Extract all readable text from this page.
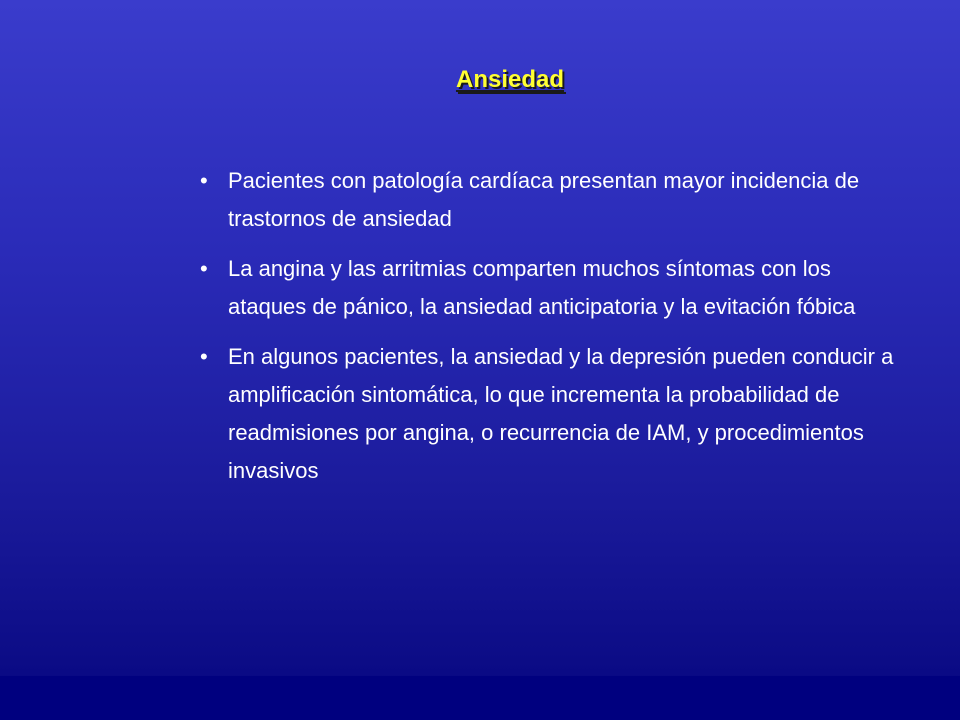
Ansiedad
• Pacientes con patología cardíaca presentan mayor incidencia de trastornos de ansiedad
• La angina y las arritmias comparten muchos síntomas con los ataques de pánico, la ansiedad anticipatoria y la evitación fóbica
• En algunos pacientes, la ansiedad y la depresión pueden conducir a amplificación sintomática, lo que incrementa la probabilidad de readmisiones por angina, o recurrencia de IAM, y procedimientos invasivos
